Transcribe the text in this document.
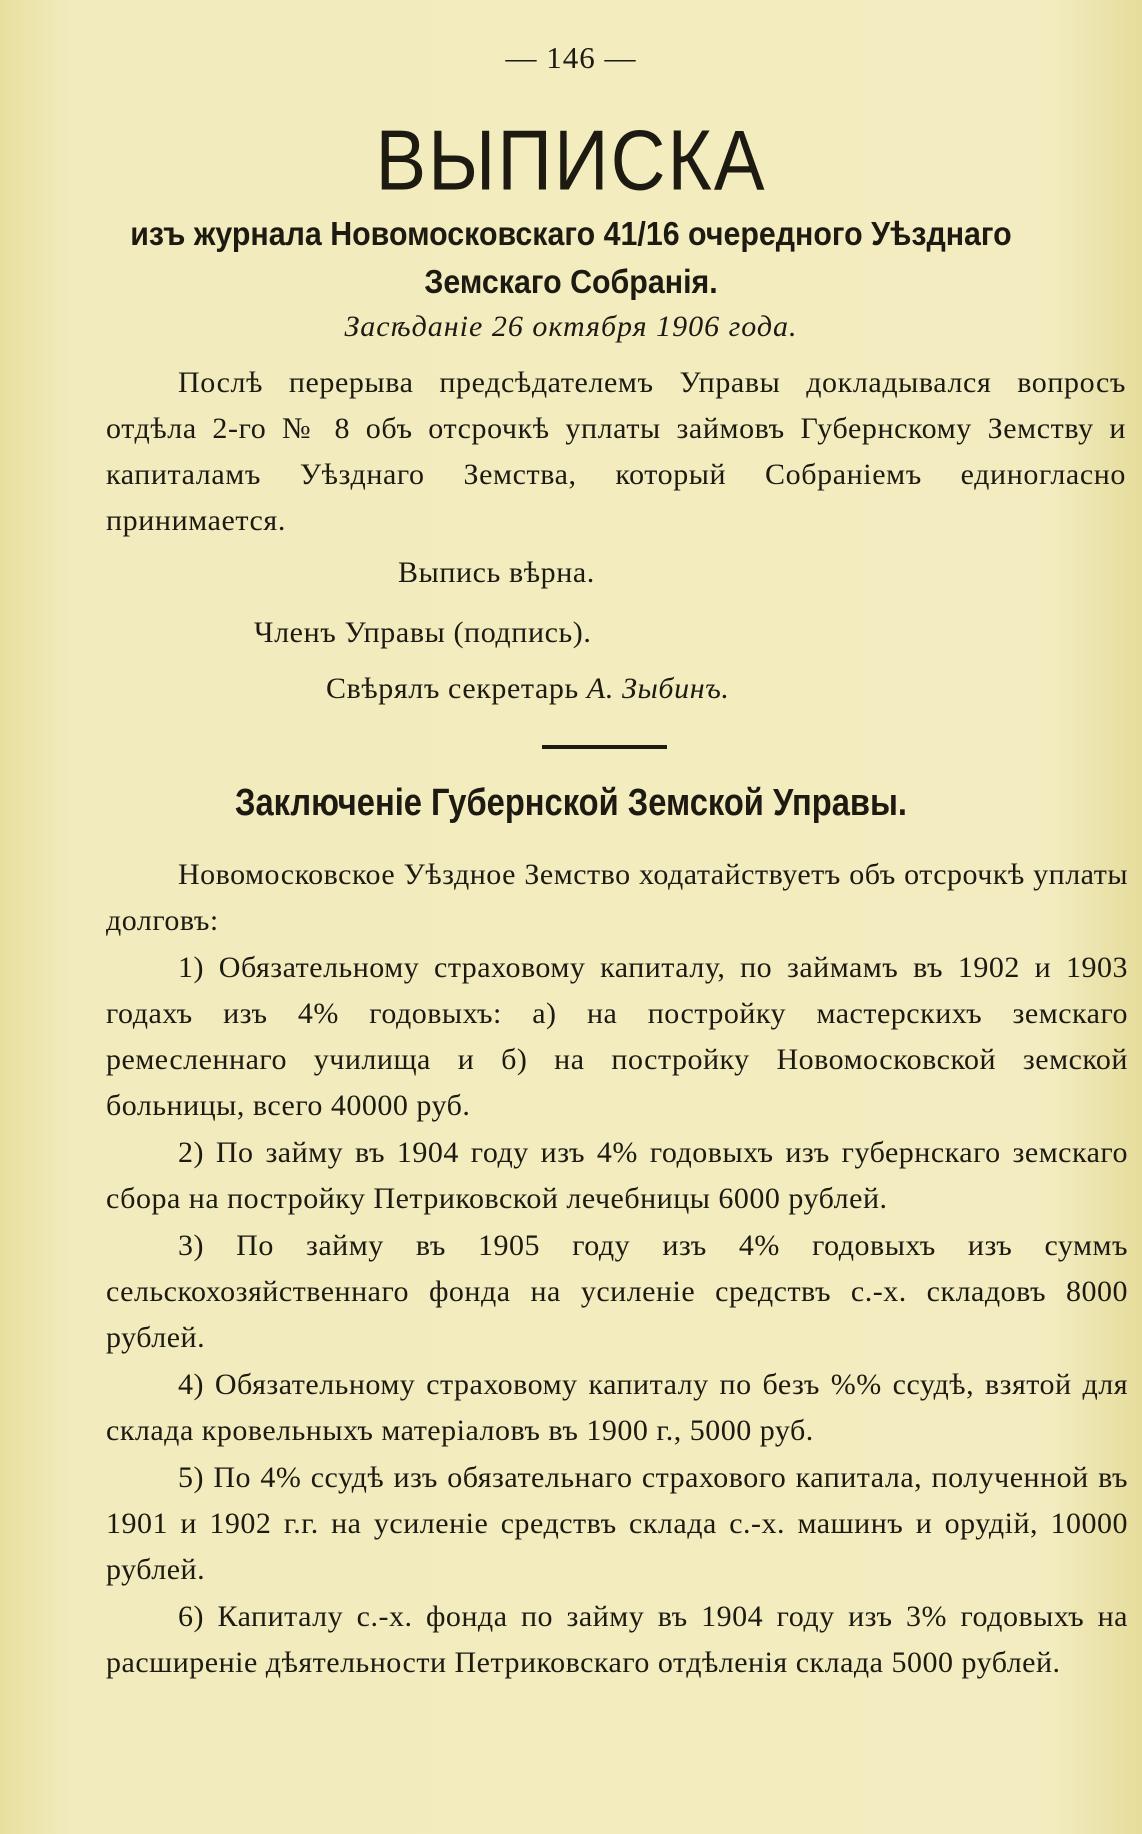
— 146 —
ВЫПИСКА
изъ журнала Новомосковскаго 41/16 очередного Уѣзднаго
Земскаго Собранія.
Засѣданіе 26 октября 1906 года.
Послѣ перерыва предсѣдателемъ Управы докладывался вопросъ отдѣла 2-го № 8 объ отсрочкѣ уплаты займовъ Губернскому Земству и капиталамъ Уѣзднаго Земства, который Собраніемъ единогласно принимается.
Выпись вѣрна.
Членъ Управы (подпись).
Свѣрялъ секретарь А. Зыбинъ.
Заключеніе Губернской Земской Управы.

Новомосковское Уѣздное Земство ходатайствуетъ объ отсрочкѣ уплаты долговъ:

1) Обязательному страховому капиталу, по займамъ въ 1902 и 1903 годахъ изъ 4% годовыхъ: а) на постройку мастерскихъ земскаго ремесленнаго училища и б) на постройку Новомосковской земской больницы, всего 40000 руб.

2) По займу въ 1904 году изъ 4% годовыхъ изъ губернскаго земскаго сбора на постройку Петриковской лечебницы 6000 рублей.

3) По займу въ 1905 году изъ 4% годовыхъ изъ суммъ сельскохозяйственнаго фонда на усиленіе средствъ с.-х. складовъ 8000 рублей.

4) Обязательному страховому капиталу по безъ %% ссудѣ, взятой для склада кровельныхъ матеріаловъ въ 1900 г., 5000 руб.

5) По 4% ссудѣ изъ обязательнаго страхового капитала, полученной въ 1901 и 1902 г.г. на усиленіе средствъ склада с.-х. машинъ и орудій, 10000 рублей.

6) Капиталу с.-х. фонда по займу въ 1904 году изъ 3% годовыхъ на расширеніе дѣятельности Петриковскаго отдѣленія склада 5000 рублей.
